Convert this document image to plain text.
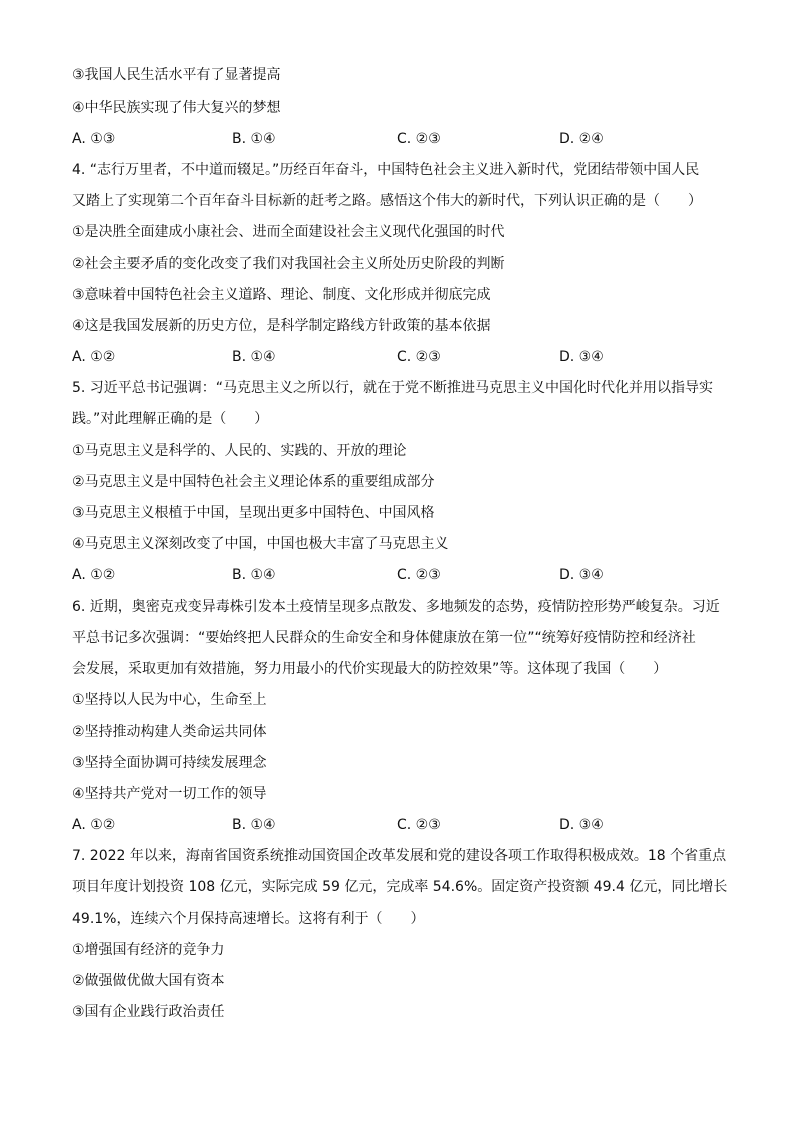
③我国人民生活水平有了显著提高
④中华民族实现了伟大复兴的梦想
A. ①③	B. ①④	C. ②③	D. ②④
4. “志行万里者，不中道而辍足。”历经百年奋斗，中国特色社会主义进入新时代，党团结带领中国人民
又踏上了实现第二个百年奋斗目标新的赶考之路。感悟这个伟大的新时代，下列认识正确的是（　　）
①是决胜全面建成小康社会、进而全面建设社会主义现代化强国的时代
②社会主要矛盾的变化改变了我们对我国社会主义所处历史阶段的判断
③意味着中国特色社会主义道路、理论、制度、文化形成并彻底完成
④这是我国发展新的历史方位，是科学制定路线方针政策的基本依据
A. ①②	B. ①④	C. ②③	D. ③④
5. 习近平总书记强调：“马克思主义之所以行，就在于党不断推进马克思主义中国化时代化并用以指导实
践。”对此理解正确的是（　　）
①马克思主义是科学的、人民的、实践的、开放的理论
②马克思主义是中国特色社会主义理论体系的重要组成部分
③马克思主义根植于中国，呈现出更多中国特色、中国风格
④马克思主义深刻改变了中国，中国也极大丰富了马克思主义
A. ①②	B. ①④	C. ②③	D. ③④
6. 近期，奥密克戎变异毒株引发本土疫情呈现多点散发、多地频发的态势，疫情防控形势严峻复杂。习近
平总书记多次强调：“要始终把人民群众的生命安全和身体健康放在第一位”“统筹好疫情防控和经济社
会发展，采取更加有效措施，努力用最小的代价实现最大的防控效果”等。这体现了我国（　　）
①坚持以人民为中心，生命至上
②坚持推动构建人类命运共同体
③坚持全面协调可持续发展理念
④坚持共产党对一切工作的领导
A. ①②	B. ①④	C. ②③	D. ③④
7. 2022 年以来，海南省国资系统推动国资国企改革发展和党的建设各项工作取得积极成效。18 个省重点
项目年度计划投资 108 亿元，实际完成 59 亿元，完成率 54.6%。固定资产投资额 49.4 亿元，同比增长
49.1%，连续六个月保持高速增长。这将有利于（　　）
①增强国有经济的竞争力
②做强做优做大国有资本
③国有企业践行政治责任
